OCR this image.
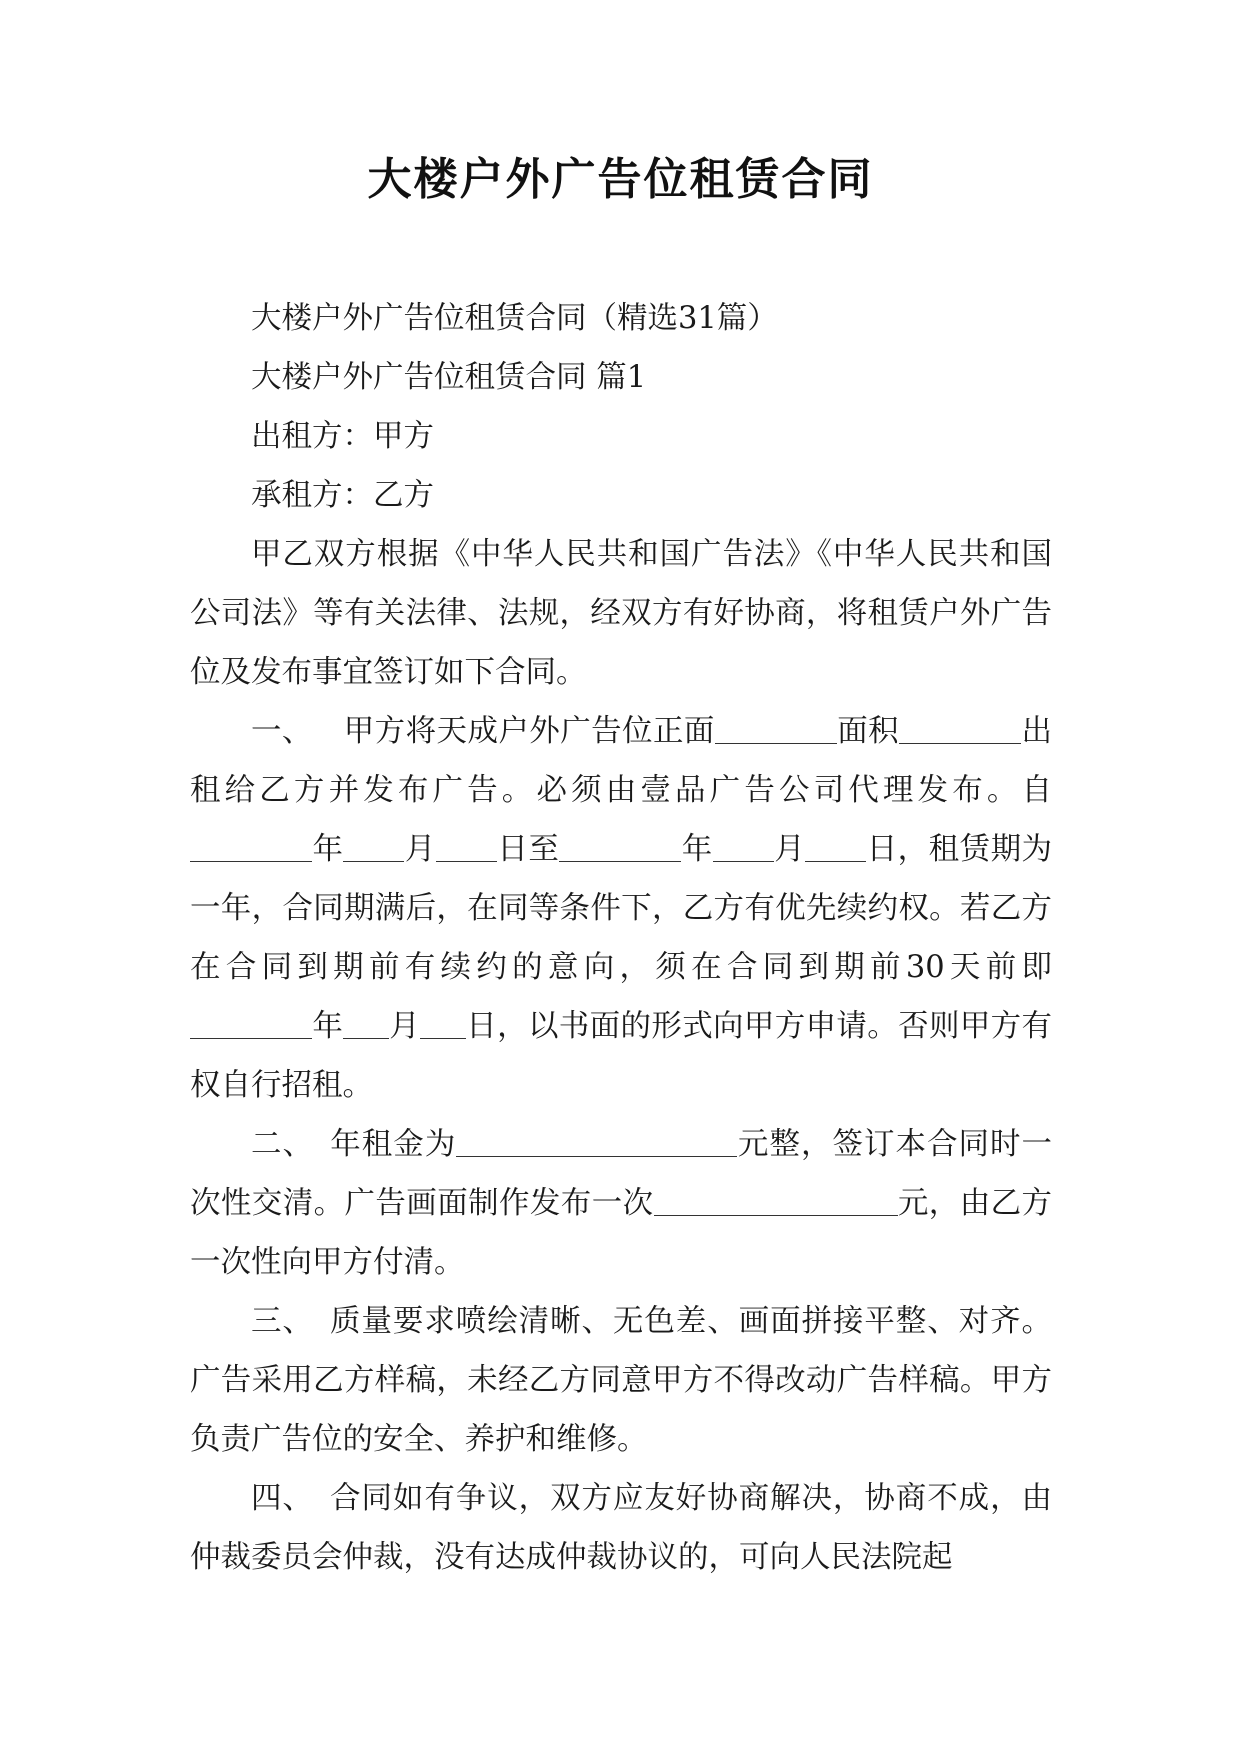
大楼户外广告位租赁合同

大楼户外广告位租赁合同（精选31篇）

大楼户外广告位租赁合同 篇1

出租方：甲方

承租方：乙方

甲乙双方根据《中华人民共和国广告法》《中华人民共和国公司法》等有关法律、法规，经双方有好协商，将租赁户外广告位及发布事宜签订如下合同。

一、 甲方将天成户外广告位正面	面积	出租给乙方并发布广告。必须由壹品广告公司代理发布。自年 月 日至	年 月 日，租赁期为一年，合同期满后，在同等条件下，乙方有优先续约权。若乙方在合同到期前有续约的意向，须在合同到期前30天前即年 月 日，以书面的形式向甲方申请。否则甲方有权自行招租。

二、 年租金为	元整，签订本合同时一次性交清。广告画面制作发布一次	元，由乙方一次性向甲方付清。

三、 质量要求喷绘清晰、无色差、画面拼接平整、对齐。广告采用乙方样稿，未经乙方同意甲方不得改动广告样稿。甲方负责广告位的安全、养护和维修。

四、 合同如有争议，双方应友好协商解决，协商不成，由仲裁委员会仲裁，没有达成仲裁协议的，可向人民法院起
